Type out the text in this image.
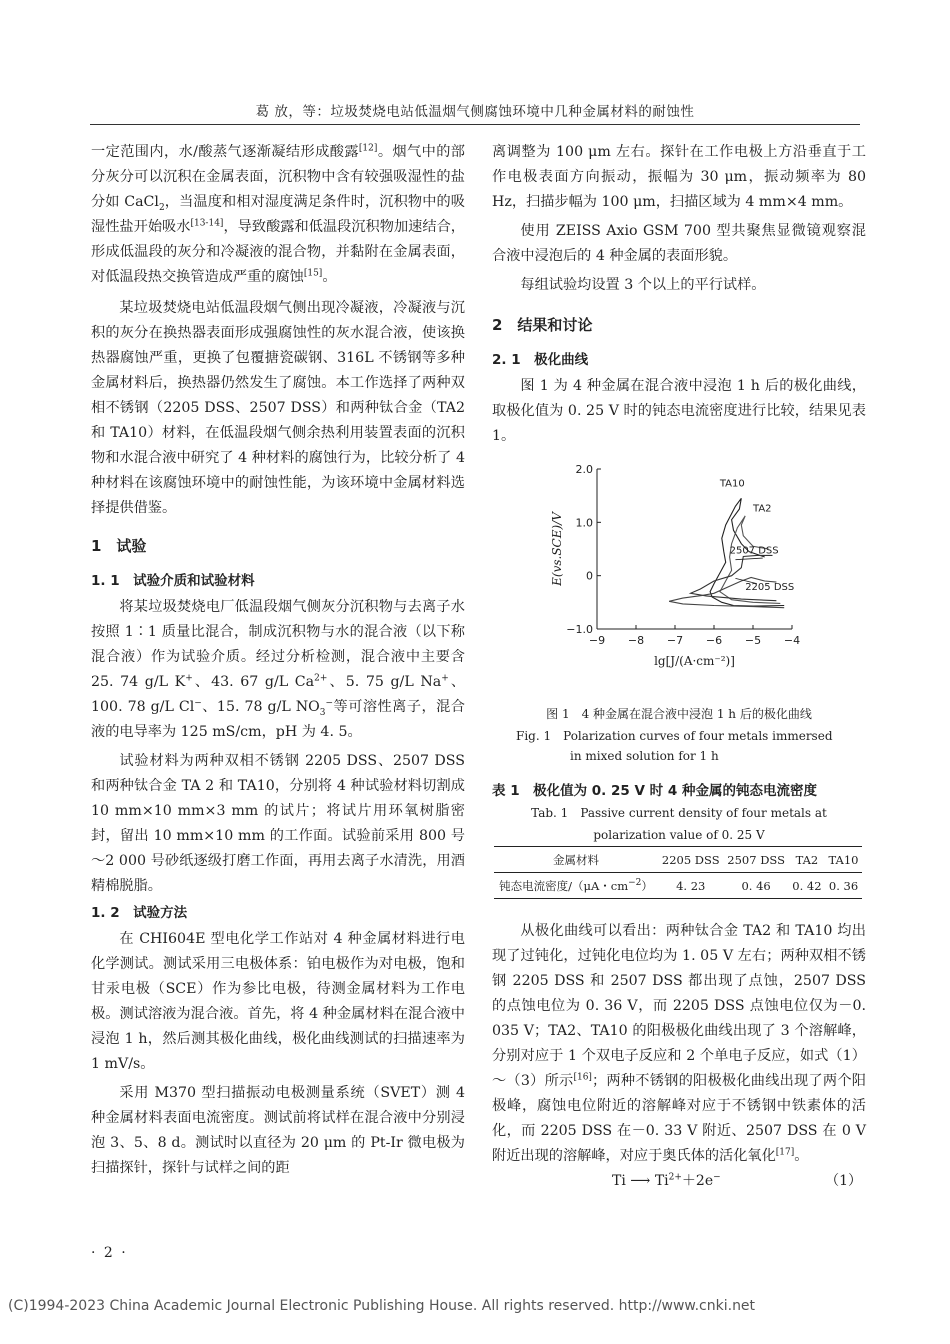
葛 放，等：垃圾焚烧电站低温烟气侧腐蚀环境中几种金属材料的耐蚀性

一定范围内，水/酸蒸气逐渐凝结形成酸露[12]。烟气中的部分灰分可以沉积在金属表面，沉积物中含有较强吸湿性的盐分如 CaCl$_2$，当温度和相对湿度满足条件时，沉积物中的吸湿性盐开始吸水[13-14]，导致酸露和低温段沉积物加速结合，形成低温段的灰分和冷凝液的混合物，并黏附在金属表面，对低温段热交换管造成严重的腐蚀[15]。

某垃圾焚烧电站低温段烟气侧出现冷凝液，冷凝液与沉积的灰分在换热器表面形成强腐蚀性的灰水混合液，使该换热器腐蚀严重，更换了包覆搪瓷碳钢、316L 不锈钢等多种金属材料后，换热器仍然发生了腐蚀。本工作选择了两种双相不锈钢（2205 DSS、2507 DSS）和两种钛合金（TA2 和 TA10）材料，在低温段烟气侧余热利用装置表面的沉积物和水混合液中研究了 4 种材料的腐蚀行为，比较分析了 4 种材料在该腐蚀环境中的耐蚀性能，为该环境中金属材料选择提供借鉴。

1　试验
1. 1　试验介质和试验材料

将某垃圾焚烧电厂低温段烟气侧灰分沉积物与去离子水按照 1∶1 质量比混合，制成沉积物与水的混合液（以下称混合液）作为试验介质。经过分析检测，混合液中主要含 25. 74 g/L K+、43. 67 g/L $Ca^{2+}$、5. 75 g/L Na+、100. 78 g/L Cl−、15. 78 g/L $NO_3^-$等可溶性离子，混合液的电导率为 125 mS/cm，pH 为 4. 5。

试验材料为两种双相不锈钢 2205 DSS、2507 DSS 和两种钛合金 TA 2 和 TA10，分别将 4 种试验材料切割成 10 mm×10 mm×3 mm 的试片；将试片用环氧树脂密封，留出 10 mm×10 mm 的工作面。试验前采用 800 号～2 000 号砂纸逐级打磨工作面，再用去离子水清洗，用酒精棉脱脂。

1. 2　试验方法

在 CHI604E 型电化学工作站对 4 种金属材料进行电化学测试。测试采用三电极体系：铂电极作为对电极，饱和甘汞电极（SCE）作为参比电极，待测金属材料为工作电极。测试溶液为混合液。首先，将 4 种金属材料在混合液中浸泡 1 h，然后测其极化曲线，极化曲线测试的扫描速率为 1 mV/s。

采用 M370 型扫描振动电极测量系统（SVET）测 4 种金属材料表面电流密度。测试前将试样在混合液中分别浸泡 3、5、8 d。测试时以直径为 20 μm 的 Pt-Ir 微电极为扫描探针，探针与试样之间的距

离调整为 100 μm 左右。探针在工作电极上方沿垂直于工作电极表面方向振动，振幅为 30 μm，振动频率为 80 Hz，扫描步幅为 100 μm，扫描区域为 4 mm×4 mm。

使用 ZEISS Axio GSM 700 型共聚焦显微镜观察混合液中浸泡后的 4 种金属的表面形貌。

每组试验均设置 3 个以上的平行试样。

2　结果和讨论
2. 1　极化曲线

图 1 为 4 种金属在混合液中浸泡 1 h 后的极化曲线，取极化值为 0. 25 V 时的钝态电流密度进行比较，结果见表 1。

−9 −8 −7 −6 −5 −4
−1.0
0
1.0
2.0
lg[J/(A·cm⁻²)]
E(vs.SCE)/V
TA10
TA2
2507 DSS
2205 DSS
图 1　4 种金属在混合液中浸泡 1 h 后的极化曲线
Fig. 1　Polarization curves of four metals immersed
in mixed solution for 1 h
表 1　极化值为 0. 25 V 时 4 种金属的钝态电流密度
Tab. 1　Passive current density of four metals at
polarization value of 0. 25 V
金属材料	2205 DSS	2507 DSS	TA2	TA10
钝态电流密度/（μA・$cm^{-2}$）	4. 23	0. 46	0. 42	0. 36

从极化曲线可以看出：两种钛合金 TA2 和 TA10 均出现了过钝化，过钝化电位均为 1. 05 V 左右；两种双相不锈钢 2205 DSS 和 2507 DSS 都出现了点蚀，2507 DSS 的点蚀电位为 0. 36 V，而 2205 DSS 点蚀电位仅为－0. 035 V；TA2、TA10 的阳极极化曲线出现了 3 个溶解峰，分别对应于 1 个双电子反应和 2 个单电子反应，如式（1）～（3）所示[16]；两种不锈钢的阳极极化曲线出现了两个阳极峰，腐蚀电位附近的溶解峰对应于不锈钢中铁素体的活化，而 2205 DSS 在－0. 33 V 附近、2507 DSS 在 0 V 附近出现的溶解峰，对应于奥氏体的活化氧化[17]。

Ti ⟶ $Ti^{2+}+2e^-$	（1）
· 2 ·
(C)1994-2023 China Academic Journal Electronic Publishing House. All rights reserved. http://www.cnki.net
